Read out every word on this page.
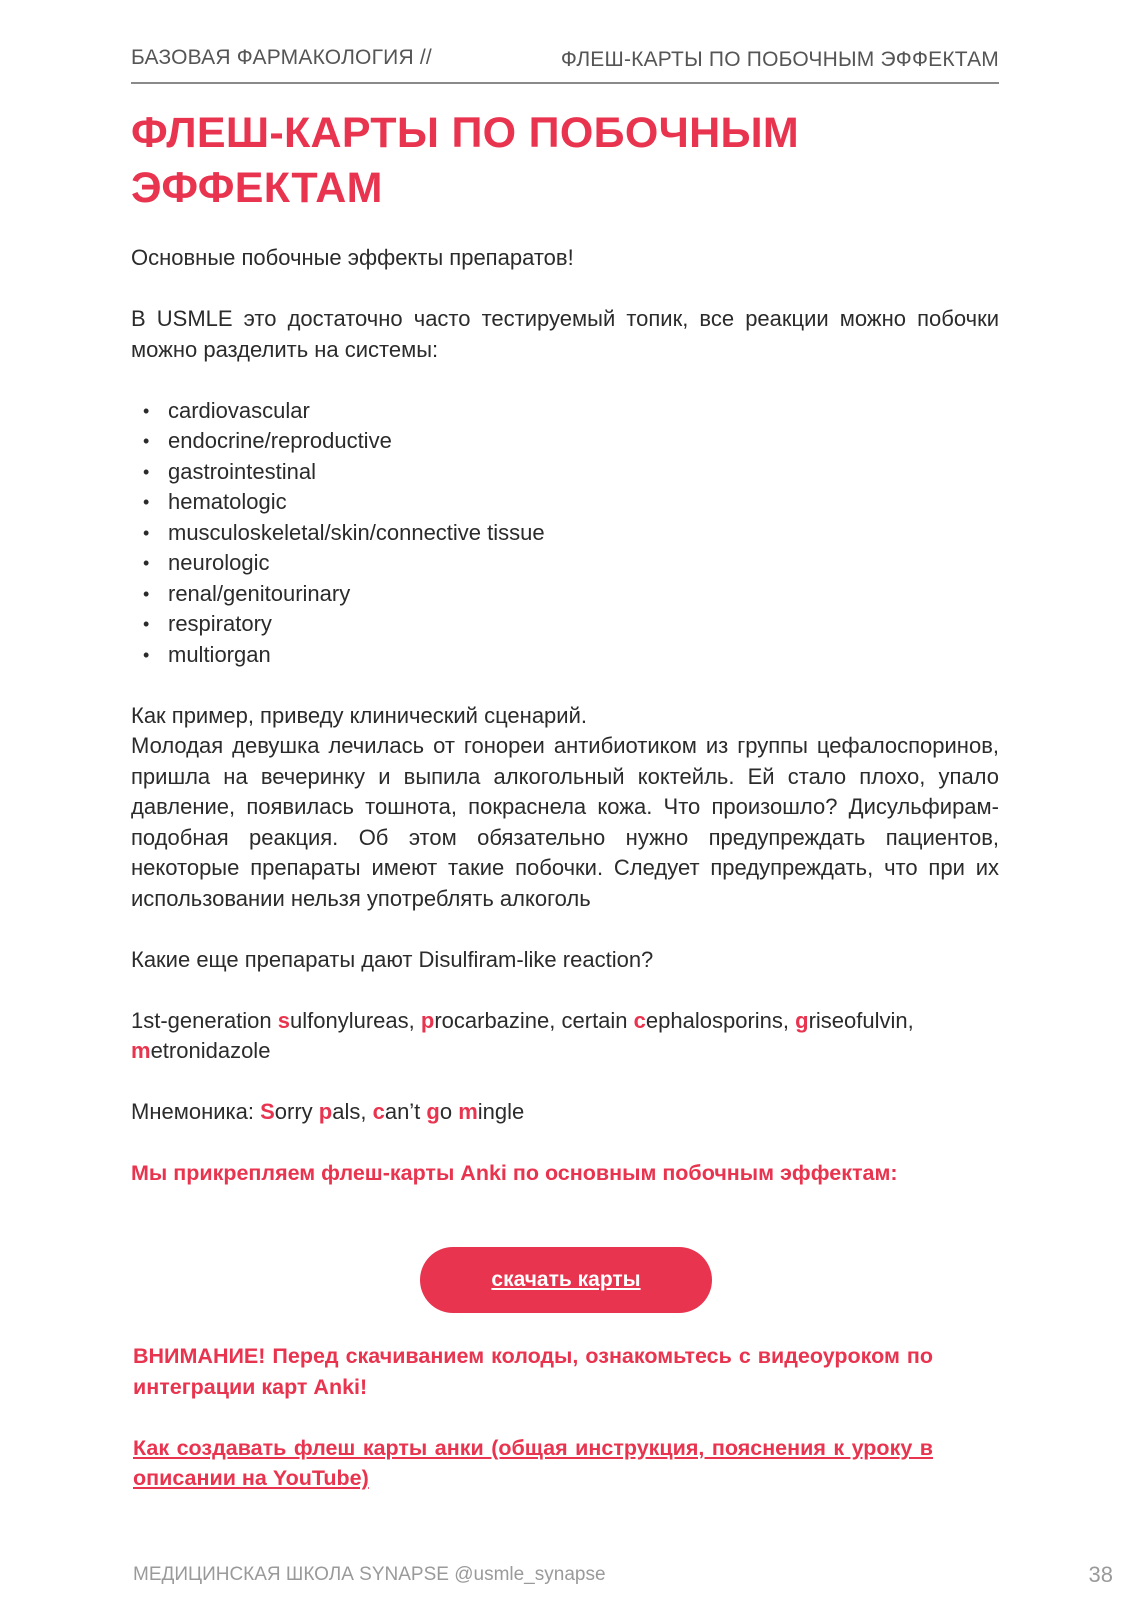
БАЗОВАЯ ФАРМАКОЛОГИЯ //	ФЛЕШ-КАРТЫ ПО ПОБОЧНЫМ ЭФФЕКТАМ
ФЛЕШ-КАРТЫ ПО ПОБОЧНЫМ ЭФФЕКТАМ

Основные побочные эффекты препаратов!

В USMLE это достаточно часто тестируемый топик, все реакции можно побочки можно разделить на системы:

• cardiovascular
• endocrine/reproductive
• gastrointestinal
• hematologic
• musculoskeletal/skin/connective tissue
• neurologic
• renal/genitourinary
• respiratory
• multiorgan

Как пример, приведу клинический сценарий.

Молодая девушка лечилась от гонореи антибиотиком из группы цефалоспоринов, пришла на вечеринку и выпила алкогольный коктейль. Ей стало плохо, упало давление, появилась тошнота, покраснела кожа. Что произошло? Дисульфирам-подобная реакция. Об этом обязательно нужно предупреждать пациентов, некоторые препараты имеют такие побочки. Следует предупреждать, что при их использовании нельзя употреблять алкоголь

Какие еще препараты дают Disulfiram-like reaction?

1st-generation sulfonylureas, procarbazine, certain cephalosporins, griseofulvin, metronidazole

Мнемоника: Sorry pals, can’t go mingle

Мы прикрепляем флеш-карты Anki по основным побочным эффектам:

скачать карты

ВНИМАНИЕ! Перед скачиванием колоды, ознакомьтесь с видеоуроком по интеграции карт Anki!

Как создавать флеш карты анки (общая инструкция, пояснения к уроку в описании на YouTube)

МЕДИЦИНСКАЯ ШКОЛА SYNAPSE @usmle_synapse	38
